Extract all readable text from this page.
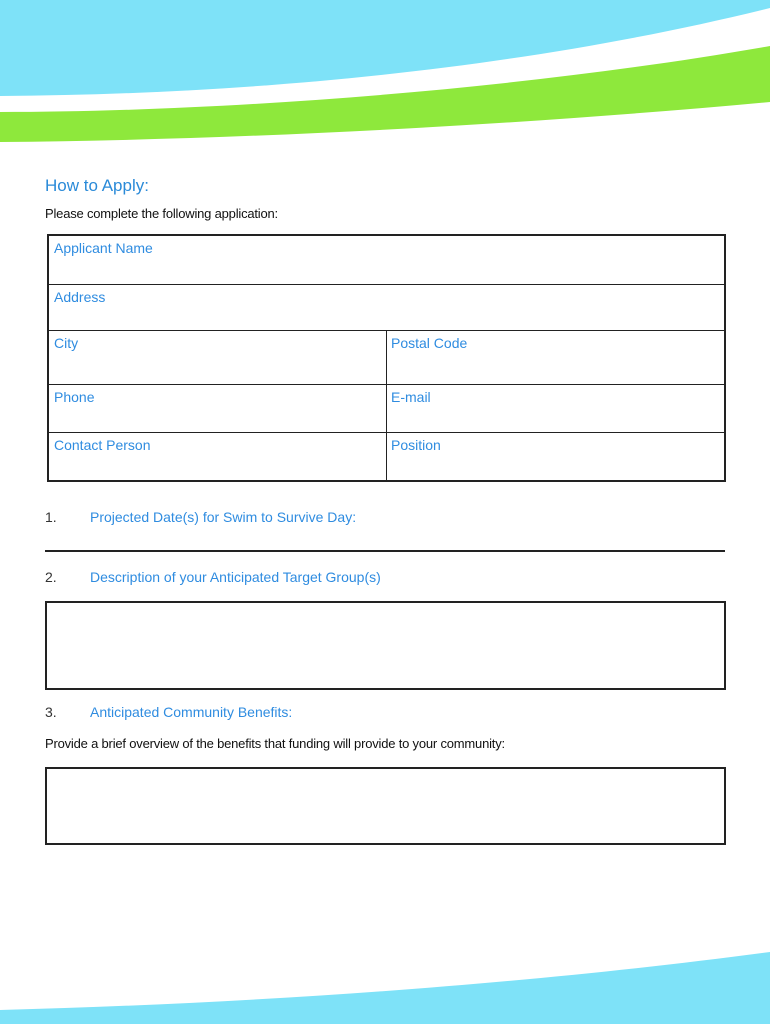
How to Apply:
Please complete the following application:
Applicant Name
Address
City	Postal Code
Phone	E-mail
Contact Person	Position
1. Projected Date(s) for Swim to Survive Day:
2. Description of your Anticipated Target Group(s)
3. Anticipated Community Benefits:
Provide a brief overview of the benefits that funding will provide to your community:
